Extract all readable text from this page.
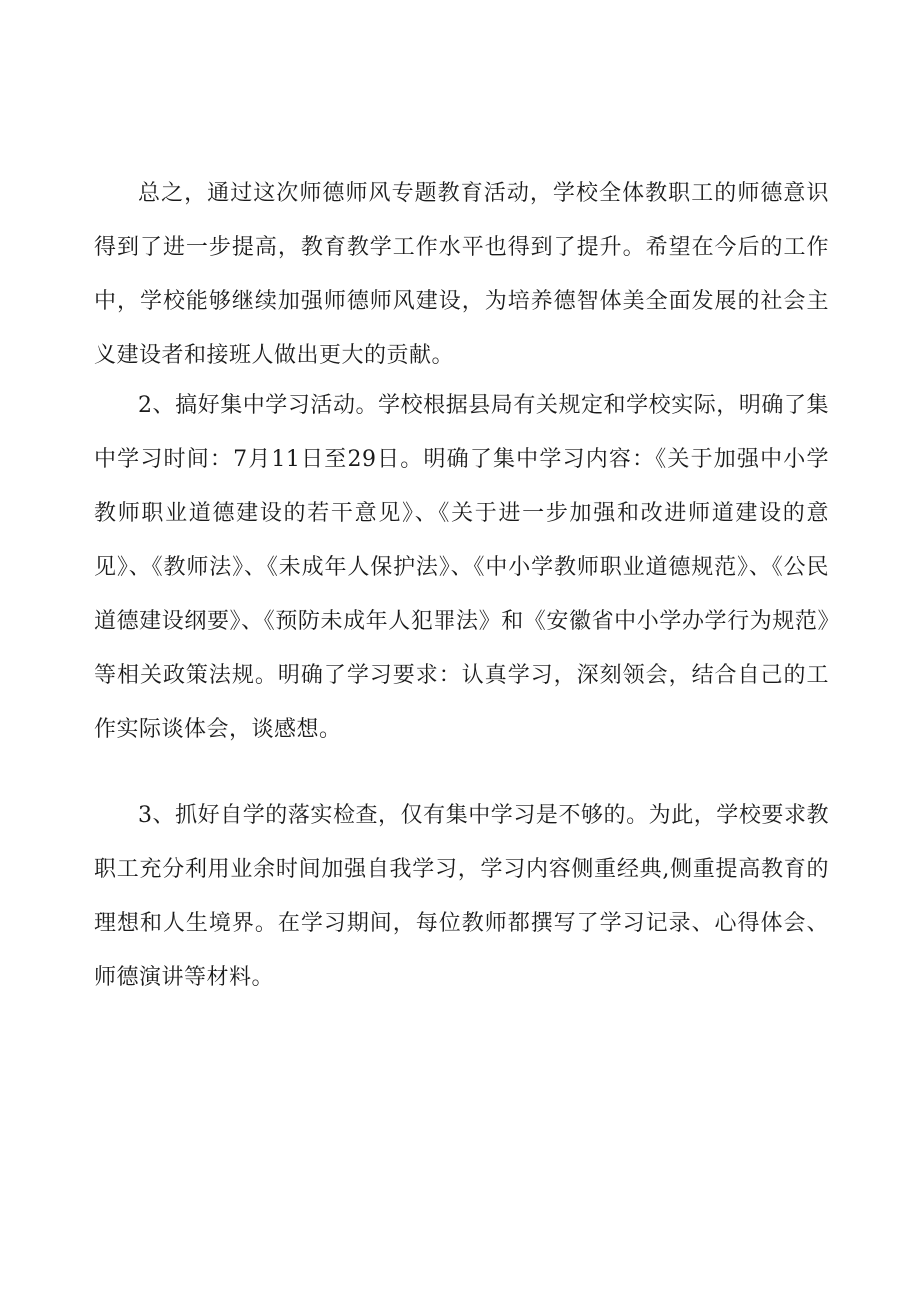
总之，通过这次师德师风专题教育活动，学校全体教职工的师德意识得到了进一步提高，教育教学工作水平也得到了提升。希望在今后的工作中，学校能够继续加强师德师风建设，为培养德智体美全面发展的社会主义建设者和接班人做出更大的贡献。

2、搞好集中学习活动。学校根据县局有关规定和学校实际，明确了集中学习时间：7月11日至29日。明确了集中学习内容：《关于加强中小学教师职业道德建设的若干意见》、《关于进一步加强和改进师道建设的意见》、《教师法》、《未成年人保护法》、《中小学教师职业道德规范》、《公民道德建设纲要》、《预防未成年人犯罪法》和《安徽省中小学办学行为规范》等相关政策法规。明确了学习要求：认真学习，深刻领会，结合自己的工作实际谈体会，谈感想。

3、抓好自学的落实检查，仅有集中学习是不够的。为此，学校要求教职工充分利用业余时间加强自我学习，学习内容侧重经典,侧重提高教育的理想和人生境界。在学习期间，每位教师都撰写了学习记录、心得体会、师德演讲等材料。
